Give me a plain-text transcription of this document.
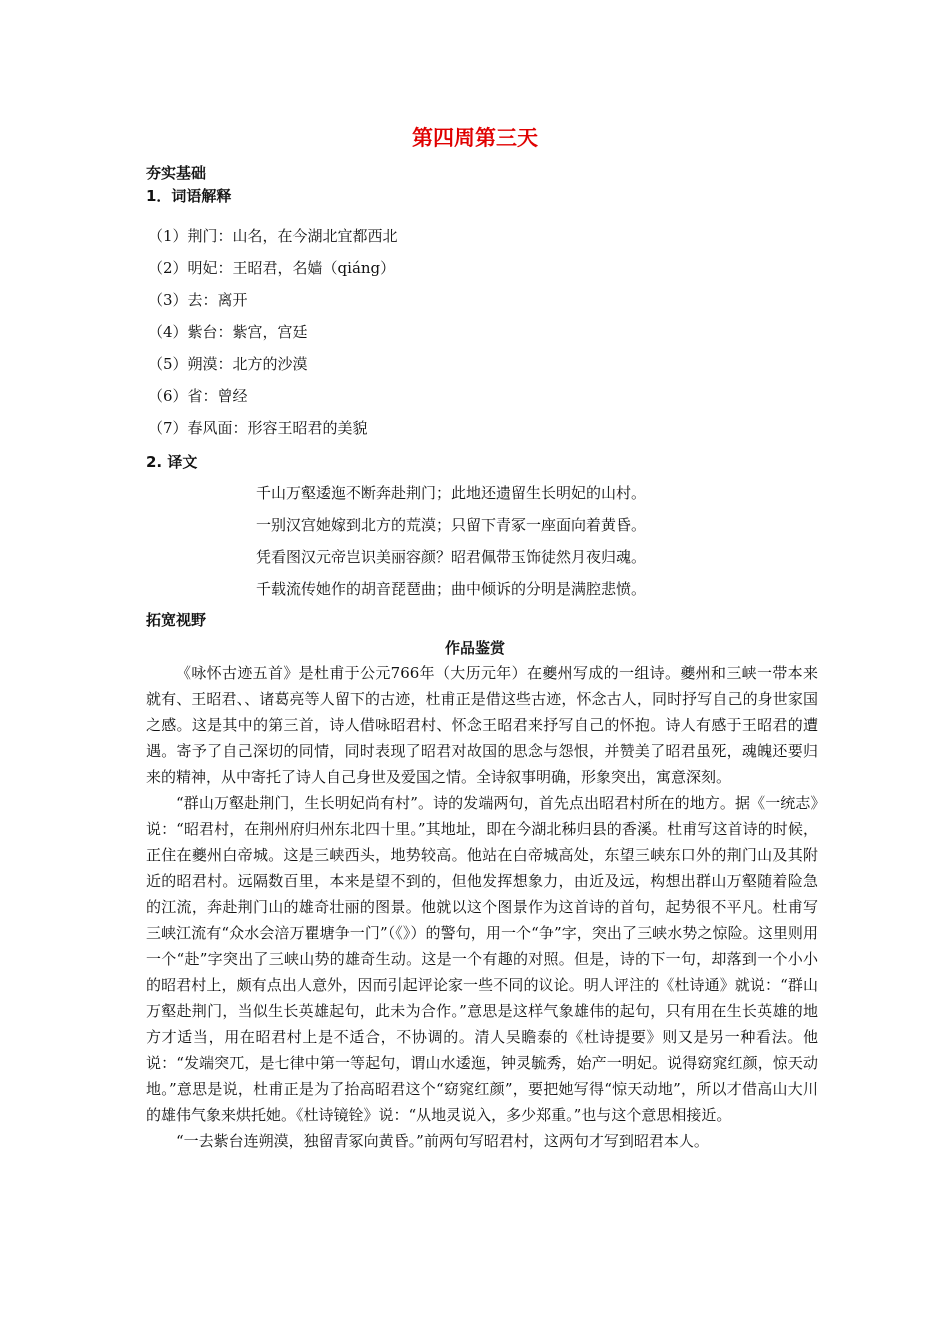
第四周第三天
夯实基础
1．词语解释
（1）荆门：山名，在今湖北宜都西北
（2）明妃：王昭君，名嫱（qiáng）
（3）去：离开
（4）紫台：紫宫，宫廷
（5）朔漠：北方的沙漠
（6）省：曾经
（7）春风面：形容王昭君的美貌
2. 译文
千山万壑逶迤不断奔赴荆门；此地还遗留生长明妃的山村。
一别汉宫她嫁到北方的荒漠；只留下青冢一座面向着黄昏。
凭看图汉元帝岂识美丽容颜？昭君佩带玉饰徒然月夜归魂。
千载流传她作的胡音琵琶曲；曲中倾诉的分明是满腔悲愤。
拓宽视野
作品鉴赏

《咏怀古迹五首》是杜甫于公元766年（大历元年）在夔州写成的一组诗。夔州和三峡一带本来就有、王昭君、、诸葛亮等人留下的古迹，杜甫正是借这些古迹，怀念古人，同时抒写自己的身世家国之感。这是其中的第三首，诗人借咏昭君村、怀念王昭君来抒写自己的怀抱。诗人有感于王昭君的遭遇。寄予了自己深切的同情，同时表现了昭君对故国的思念与怨恨，并赞美了昭君虽死，魂魄还要归来的精神，从中寄托了诗人自己身世及爱国之情。全诗叙事明确，形象突出，寓意深刻。

“群山万壑赴荆门，生长明妃尚有村”。诗的发端两句，首先点出昭君村所在的地方。据《一统志》说：“昭君村，在荆州府归州东北四十里。”其地址，即在今湖北秭归县的香溪。杜甫写这首诗的时候，正住在夔州白帝城。这是三峡西头，地势较高。他站在白帝城高处，东望三峡东口外的荆门山及其附近的昭君村。远隔数百里，本来是望不到的，但他发挥想象力，由近及远，构想出群山万壑随着险急的江流，奔赴荆门山的雄奇壮丽的图景。他就以这个图景作为这首诗的首句，起势很不平凡。杜甫写三峡江流有“众水会涪万瞿塘争一门”（《》）的警句，用一个“争”字，突出了三峡水势之惊险。这里则用一个“赴”字突出了三峡山势的雄奇生动。这是一个有趣的对照。但是，诗的下一句，却落到一个小小的昭君村上，颇有点出人意外，因而引起评论家一些不同的议论。明人评注的《杜诗通》就说：“群山万壑赴荆门，当似生长英雄起句，此未为合作。”意思是这样气象雄伟的起句，只有用在生长英雄的地方才适当，用在昭君村上是不适合，不协调的。清人吴瞻泰的《杜诗提要》则又是另一种看法。他说：“发端突兀，是七律中第一等起句，谓山水逶迤，钟灵毓秀，始产一明妃。说得窈窕红颜，惊天动地。”意思是说，杜甫正是为了抬高昭君这个“窈窕红颜”，要把她写得“惊天动地”，所以才借高山大川的雄伟气象来烘托她。《杜诗镜铨》说：“从地灵说入，多少郑重。”也与这个意思相接近。

“一去紫台连朔漠，独留青冢向黄昏。”前两句写昭君村，这两句才写到昭君本人。
